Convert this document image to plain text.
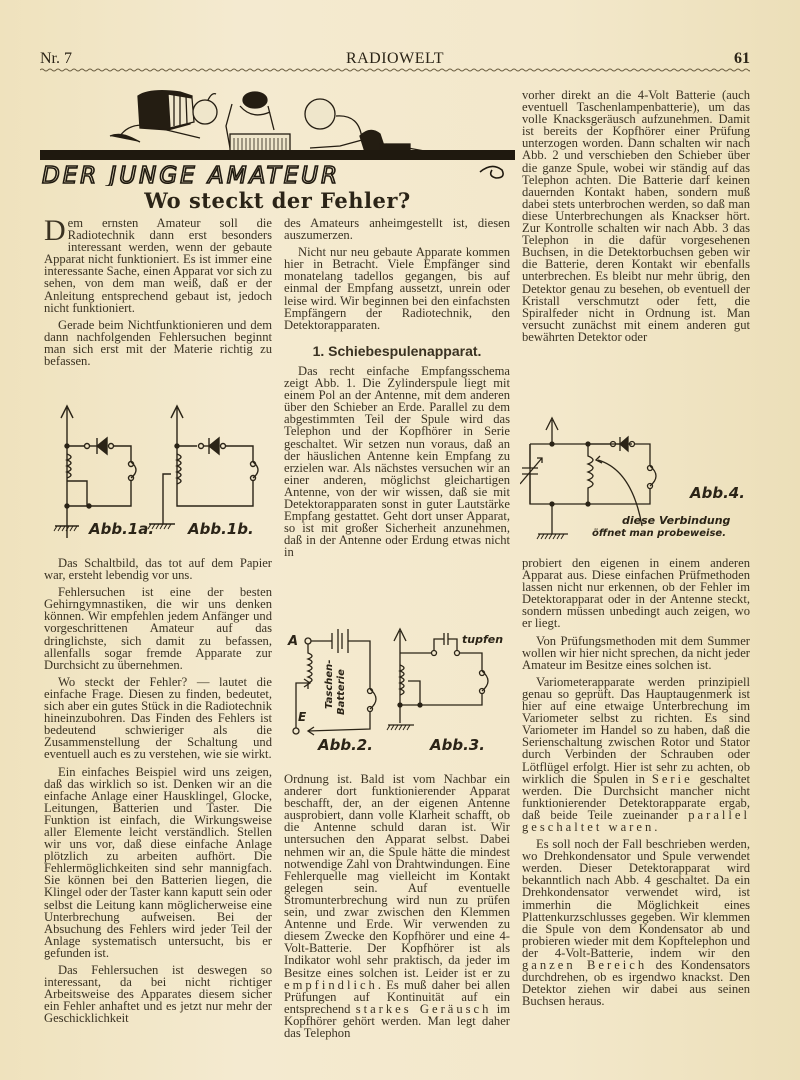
Nr. 7	RADIOWELT	61
DER JUNGE AMATEUR
Wo steckt der Fehler?

Dem ernsten Amateur soll die Radiotechnik dann erst besonders interessant werden, wenn der gebaute Apparat nicht funktioniert. Es ist immer eine interessante Sache, einen Apparat vor sich zu sehen, von dem man weiß, daß er der Anleitung entsprechend gebaut ist, jedoch nicht funktioniert.

Gerade beim Nichtfunktionieren und dem dann nachfolgenden Fehlersuchen beginnt man sich erst mit der Materie richtig zu befassen.

Abb.1a. Abb.1b.

Das Schaltbild, das tot auf dem Papier war, ersteht lebendig vor uns.

Fehlersuchen ist eine der besten Gehirngymnastiken, die wir uns denken können. Wir empfehlen jedem Anfänger und vorgeschrittenen Amateur auf das dringlichste, sich damit zu befassen, allenfalls sogar fremde Apparate zur Durchsicht zu übernehmen.

Wo steckt der Fehler? — lautet die einfache Frage. Diesen zu finden, bedeutet, sich aber ein gutes Stück in die Radiotechnik hineinzubohren. Das Finden des Fehlers ist bedeutend schwieriger als die Zusammenstellung der Schaltung und eventuell auch es zu verstehen, wie sie wirkt.

Ein einfaches Beispiel wird uns zeigen, daß das wirklich so ist. Denken wir an die einfache Anlage einer Hausklingel, Glocke, Leitungen, Batterien und Taster. Die Funktion ist einfach, die Wirkungsweise aller Elemente leicht verständlich. Stellen wir uns vor, daß diese einfache Anlage plötzlich zu arbeiten aufhört. Die Fehlermöglichkeiten sind sehr mannigfach. Sie können bei den Batterien liegen, die Klingel oder der Taster kann kaputt sein oder selbst die Leitung kann möglicherweise eine Unterbrechung aufweisen. Bei der Absuchung des Fehlers wird jeder Teil der Anlage systematisch untersucht, bis er gefunden ist.

Das Fehlersuchen ist deswegen so interessant, da bei nicht richtiger Arbeitsweise des Apparates diesem sicher ein Fehler anhaftet und es jetzt nur mehr der Geschicklichkeit

des Amateurs anheimgestellt ist, diesen auszumerzen.

Nicht nur neu gebaute Apparate kommen hier in Betracht. Viele Empfänger sind monatelang tadellos gegangen, bis auf einmal der Empfang aussetzt, unrein oder leise wird. Wir beginnen bei den einfachsten Empfängern der Radiotechnik, den Detektorapparaten.

1. Schiebespulenapparat.

Das recht einfache Empfangsschema zeigt Abb. 1. Die Zylinderspule liegt mit einem Pol an der Antenne, mit dem anderen über den Schieber an Erde. Parallel zu dem abgestimmten Teil der Spule wird das Telephon und der Kopfhörer in Serie geschaltet. Wir setzen nun voraus, daß an der häuslichen Antenne kein Empfang zu erzielen war. Als nächstes versuchen wir an einer anderen, möglichst gleichartigen Antenne, von der wir wissen, daß sie mit Detektorapparaten sonst in guter Lautstärke Empfang gestattet. Geht dort unser Apparat, so ist mit großer Sicherheit anzunehmen, daß in der Antenne oder Erdung etwas nicht in

A
E
Taschen- Batterie
tupfen
Abb.2.	Abb.3.

Ordnung ist. Bald ist vom Nachbar ein anderer dort funktionierender Apparat beschafft, der, an der eigenen Antenne ausprobiert, dann volle Klarheit schafft, ob die Antenne schuld daran ist. Wir untersuchen den Apparat selbst. Dabei nehmen wir an, die Spule hätte die mindest notwendige Zahl von Drahtwindungen. Eine Fehlerquelle mag vielleicht im Kontakt gelegen sein. Auf eventuelle Stromunterbrechung wird nun zu prüfen sein, und zwar zwischen den Klemmen Antenne und Erde. Wir verwenden zu diesem Zwecke den Kopfhörer und eine 4-Volt-Batterie. Der Kopfhörer ist als Indikator wohl sehr praktisch, da jeder im Besitze eines solchen ist. Leider ist er zu empfindlich. Es muß daher bei allen Prüfungen auf Kontinuität auf ein entsprechend starkes Geräusch im Kopfhörer gehört werden. Man legt daher das Telephon

vorher direkt an die 4-Volt Batterie (auch eventuell Taschenlampenbatterie), um das volle Knacksgeräusch aufzunehmen. Damit ist bereits der Kopfhörer einer Prüfung unterzogen worden. Dann schalten wir nach Abb. 2 und verschieben den Schieber über die ganze Spule, wobei wir ständig auf das Telephon achten. Die Batterie darf keinen dauernden Kontakt haben, sondern muß dabei stets unterbrochen werden, so daß man diese Unterbrechungen als Knackser hört. Zur Kontrolle schalten wir nach Abb. 3 das Telephon in die dafür vorgesehenen Buchsen, in die Detektorbuchsen geben wir die Batterie, deren Kontakt wir ebenfalls unterbrechen. Es bleibt nur mehr übrig, den Detektor genau zu besehen, ob eventuell der Kristall verschmutzt oder fett, die Spiralfeder nicht in Ordnung ist. Man versucht zunächst mit einem anderen gut bewährten Detektor oder

Abb.4.
diese Verbindung
öffnet man probeweise.

probiert den eigenen in einem anderen Apparat aus. Diese einfachen Prüfmethoden lassen nicht nur erkennen, ob der Fehler im Detektorapparat oder in der Antenne steckt, sondern müssen unbedingt auch zeigen, wo er liegt.

Von Prüfungsmethoden mit dem Summer wollen wir hier nicht sprechen, da nicht jeder Amateur im Besitze eines solchen ist.

Variometerapparate werden prinzipiell genau so geprüft. Das Hauptaugenmerk ist hier auf eine etwaige Unterbrechung im Variometer selbst zu richten. Es sind Variometer im Handel so zu haben, daß die Serienschaltung zwischen Rotor und Stator durch Verbinden der Schrauben oder Lötflügel erfolgt. Hier ist sehr zu achten, ob wirklich die Spulen in Serie geschaltet werden. Die Durchsicht mancher nicht funktionierender Detektorapparate ergab, daß beide Teile zueinander parallel geschaltet waren.

Es soll noch der Fall beschrieben werden, wo Drehkondensator und Spule verwendet werden. Dieser Detektorapparat wird bekanntlich nach Abb. 4 geschaltet. Da ein Drehkondensator verwendet wird, ist immerhin die Möglichkeit eines Plattenkurzschlusses gegeben. Wir klemmen die Spule von dem Kondensator ab und probieren wieder mit dem Kopftelephon und der 4-Volt-Batterie, indem wir den ganzen Bereich des Kondensators durchdrehen, ob es irgendwo knackst. Den Detektor ziehen wir dabei aus seinen Buchsen heraus.
